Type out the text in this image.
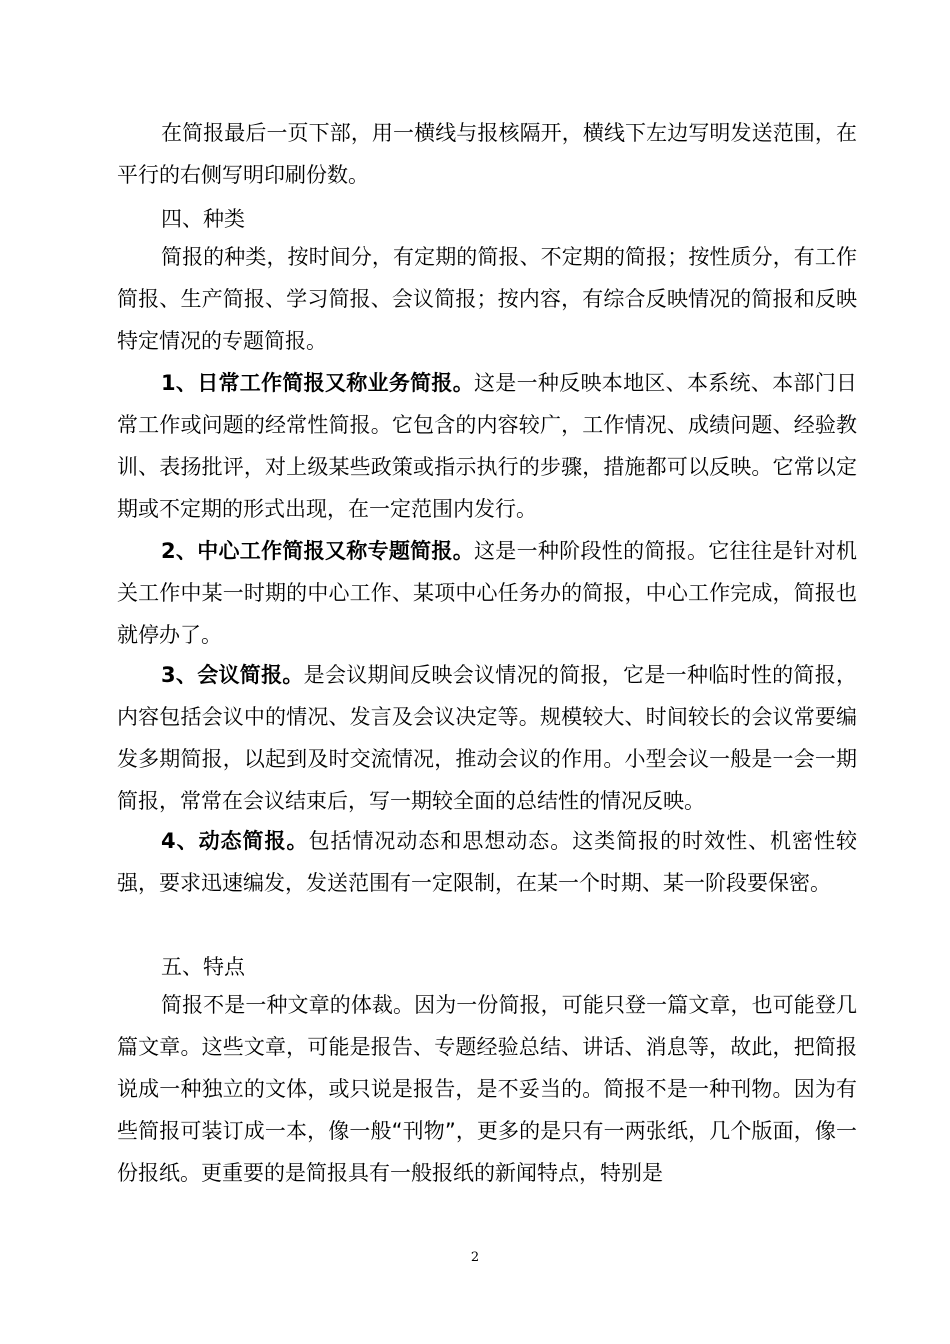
在简报最后一页下部，用一横线与报核隔开，横线下左边写明发送范围，在平行的右侧写明印刷份数。

四、种类

简报的种类，按时间分，有定期的简报、不定期的简报；按性质分，有工作简报、生产简报、学习简报、会议简报；按内容，有综合反映情况的简报和反映特定情况的专题简报。

1、日常工作简报又称业务简报。这是一种反映本地区、本系统、本部门日常工作或问题的经常性简报。它包含的内容较广，工作情况、成绩问题、经验教训、表扬批评，对上级某些政策或指示执行的步骤，措施都可以反映。它常以定期或不定期的形式出现，在一定范围内发行。

2、中心工作简报又称专题简报。这是一种阶段性的简报。它往往是针对机关工作中某一时期的中心工作、某项中心任务办的简报，中心工作完成，简报也就停办了。

3、会议简报。是会议期间反映会议情况的简报，它是一种临时性的简报，内容包括会议中的情况、发言及会议决定等。规模较大、时间较长的会议常要编发多期简报，以起到及时交流情况，推动会议的作用。小型会议一般是一会一期简报，常常在会议结束后，写一期较全面的总结性的情况反映。

4、动态简报。包括情况动态和思想动态。这类简报的时效性、机密性较强，要求迅速编发，发送范围有一定限制，在某一个时期、某一阶段要保密。

五、特点

简报不是一种文章的体裁。因为一份简报，可能只登一篇文章，也可能登几篇文章。这些文章，可能是报告、专题经验总结、讲话、消息等，故此，把简报说成一种独立的文体，或只说是报告，是不妥当的。简报不是一种刊物。因为有些简报可装订成一本，像一般“刊物”，更多的是只有一两张纸，几个版面，像一份报纸。更重要的是简报具有一般报纸的新闻特点，特别是

2
